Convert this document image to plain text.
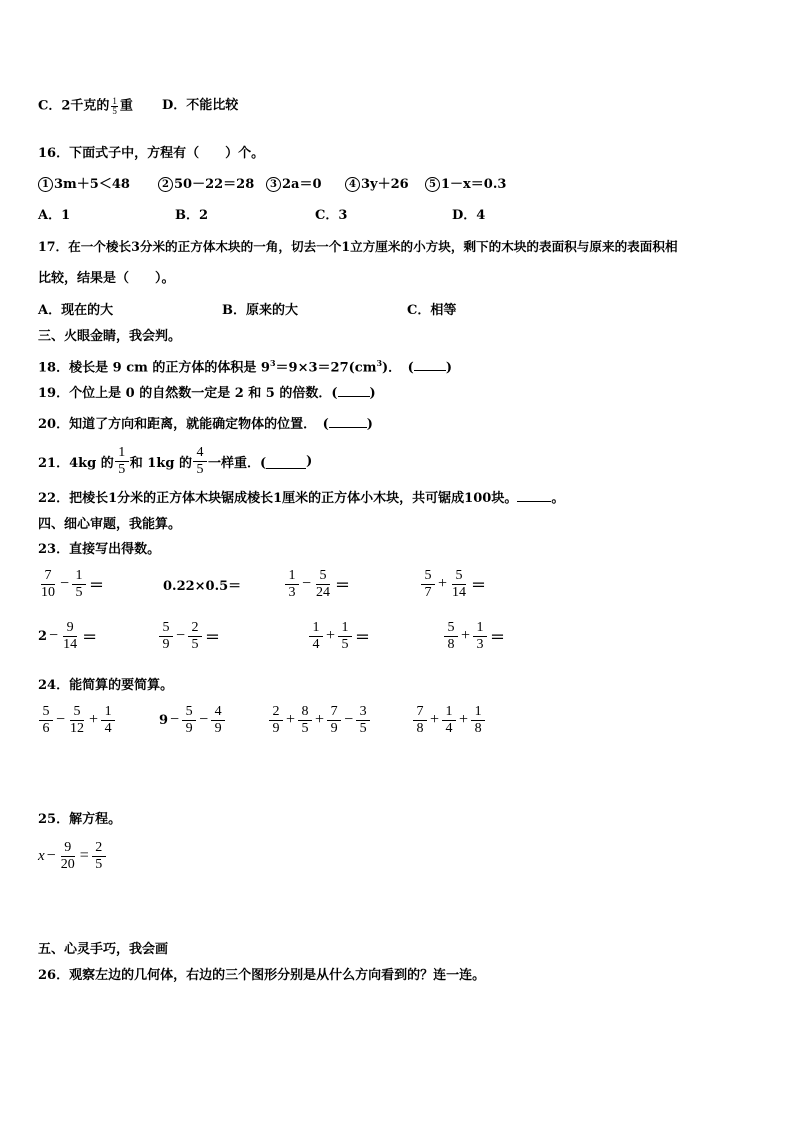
C．2千克的 $\frac{1}{5}$ 重 D．不能比较
16．下面式子中，方程有（　　）个。
1 3m＋5＜48	2 50－22＝28	3 2a＝0	4 3y＋26	5 1－x＝0.3
A．1	B．2	C．3	D．4
17．在一个棱长3分米的正方体木块的一角，切去一个1立方厘米的小方块，剩下的木块的表面积与原来的表面积相
比较，结果是（　　）。
A．现在的大	B．原来的大	C．相等
三、火眼金睛，我会判。
18．棱长是 9 cm 的正方体的体积是 $9^3=9\times 3=27(cm^3)$．　( )
19．个位上是 0 的自然数一定是 2 和 5 的倍数．( )
20．知道了方向和距离，就能确定物体的位置．　(	)
21．4kg 的 $\frac{1}{5}$ 和 1kg 的 $\frac{4}{5}$ 一样重．(	)
22．把棱长1分米的正方体木块锯成棱长1厘米的正方体小木块，共可锯成100块。	。
四、细心审题，我能算。
23．直接写出得数。
$\frac{7}{10} - \frac{1}{5}$ ＝	0.22×0.5＝	$\frac{1}{3} - \frac{5}{24}$ ＝	$\frac{5}{7} + \frac{5}{14}$ ＝
$2 - \frac{9}{14}$ ＝	$\frac{5}{9} - \frac{2}{5}$ ＝	$\frac{1}{4} + \frac{1}{5}$ ＝	$\frac{5}{8} + \frac{1}{3}$ ＝
24．能简算的要简算。
$\frac{5}{6} - \frac{5}{12} + \frac{1}{4}$	$9 - \frac{5}{9} - \frac{4}{9}$	$\frac{2}{9} + \frac{8}{5} + \frac{7}{9} - \frac{3}{5}$	$\frac{7}{8} + \frac{1}{4} + \frac{1}{8}$
25．解方程。
$x - \frac{9}{20} = \frac{2}{5}$
五、心灵手巧，我会画
26．观察左边的几何体，右边的三个图形分别是从什么方向看到的？连一连。
